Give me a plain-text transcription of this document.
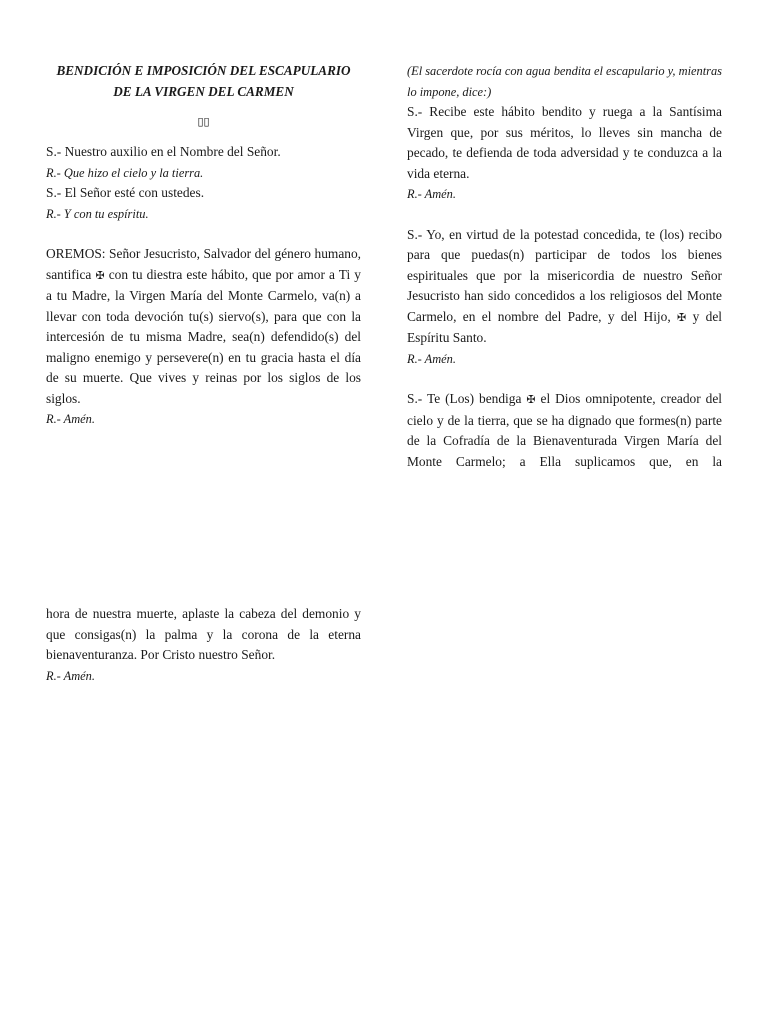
BENDICIÓN E IMPOSICIÓN DEL ESCAPULARIO

DE LA VIRGEN DEL CARMEN

▯▯

S.- Nuestro auxilio en el Nombre del Señor.

R.- Que hizo el cielo y la tierra.

S.- El Señor esté con ustedes.

R.- Y con tu espíritu.

OREMOS: Señor Jesucristo, Salvador del género humano, santifica ✠ con tu diestra este hábito, que por amor a Ti y a tu Madre, la Virgen María del Monte Carmelo, va(n) a llevar con toda devoción tu(s) siervo(s), para que con la intercesión de tu misma Madre, sea(n) defendido(s) del maligno enemigo y persevere(n) en tu gracia hasta el día de su muerte. Que vives y reinas por los siglos de los siglos.

R.- Amén.

hora de nuestra muerte, aplaste la cabeza del demonio y que consigas(n) la palma y la corona de la eterna bienaventuranza. Por Cristo nuestro Señor.

R.- Amén.

(El sacerdote rocía con agua bendita el escapulario y, mientras lo impone, dice:)

S.- Recibe este hábito bendito y ruega a la Santísima Virgen que, por sus méritos, lo lleves sin mancha de pecado, te defienda de toda adversidad y te conduzca a la vida eterna.

R.- Amén.

S.- Yo, en virtud de la potestad concedida, te (los) recibo para que puedas(n) participar de todos los bienes espirituales que por la misericordia de nuestro Señor Jesucristo han sido concedidos a los religiosos del Monte Carmelo, en el nombre del Padre, y del Hijo, ✠ y del Espíritu Santo.

R.- Amén.

S.- Te (Los) bendiga ✠ el Dios omnipotente, creador del cielo y de la tierra, que se ha dignado que formes(n) parte de la Cofradía de la Bienaventurada Virgen María del Monte Carmelo; a Ella suplicamos que, en la
